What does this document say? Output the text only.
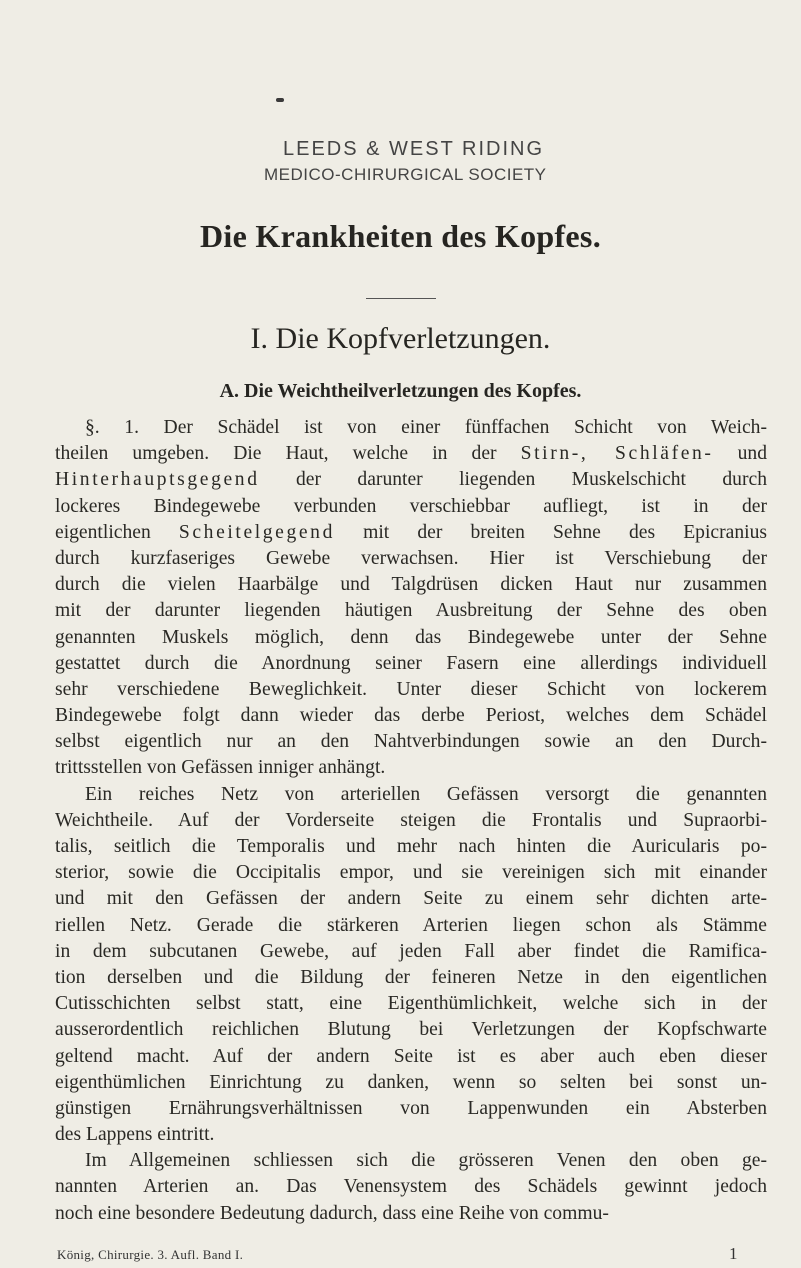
LEEDS & WEST RIDING
MEDICO-CHIRURGICAL SOCIETY
Die Krankheiten des Kopfes.
I. Die Kopfverletzungen.
A. Die Weichtheilverletzungen des Kopfes.
§. 1. Der Schädel ist von einer fünffachen Schicht von Weich-
theilen umgeben. Die Haut, welche in der Stirn-, Schläfen- und
Hinterhauptsgegend der darunter liegenden Muskelschicht durch
lockeres Bindegewebe verbunden verschiebbar aufliegt, ist in der
eigentlichen Scheitelgegend mit der breiten Sehne des Epicranius
durch kurzfaseriges Gewebe verwachsen. Hier ist Verschiebung der
durch die vielen Haarbälge und Talgdrüsen dicken Haut nur zusammen
mit der darunter liegenden häutigen Ausbreitung der Sehne des oben
genannten Muskels möglich, denn das Bindegewebe unter der Sehne
gestattet durch die Anordnung seiner Fasern eine allerdings individuell
sehr verschiedene Beweglichkeit. Unter dieser Schicht von lockerem
Bindegewebe folgt dann wieder das derbe Periost, welches dem Schädel
selbst eigentlich nur an den Nahtverbindungen sowie an den Durch-
trittsstellen von Gefässen inniger anhängt.
Ein reiches Netz von arteriellen Gefässen versorgt die genannten
Weichtheile. Auf der Vorderseite steigen die Frontalis und Supraorbi-
talis, seitlich die Temporalis und mehr nach hinten die Auricularis po-
sterior, sowie die Occipitalis empor, und sie vereinigen sich mit einander
und mit den Gefässen der andern Seite zu einem sehr dichten arte-
riellen Netz. Gerade die stärkeren Arterien liegen schon als Stämme
in dem subcutanen Gewebe, auf jeden Fall aber findet die Ramifica-
tion derselben und die Bildung der feineren Netze in den eigentlichen
Cutisschichten selbst statt, eine Eigenthümlichkeit, welche sich in der
ausserordentlich reichlichen Blutung bei Verletzungen der Kopfschwarte
geltend macht. Auf der andern Seite ist es aber auch eben dieser
eigenthümlichen Einrichtung zu danken, wenn so selten bei sonst un-
günstigen Ernährungsverhältnissen von Lappenwunden ein Absterben
des Lappens eintritt.
Im Allgemeinen schliessen sich die grösseren Venen den oben ge-
nannten Arterien an. Das Venensystem des Schädels gewinnt jedoch
noch eine besondere Bedeutung dadurch, dass eine Reihe von commu-
König, Chirurgie. 3. Aufl. Band I.	1
